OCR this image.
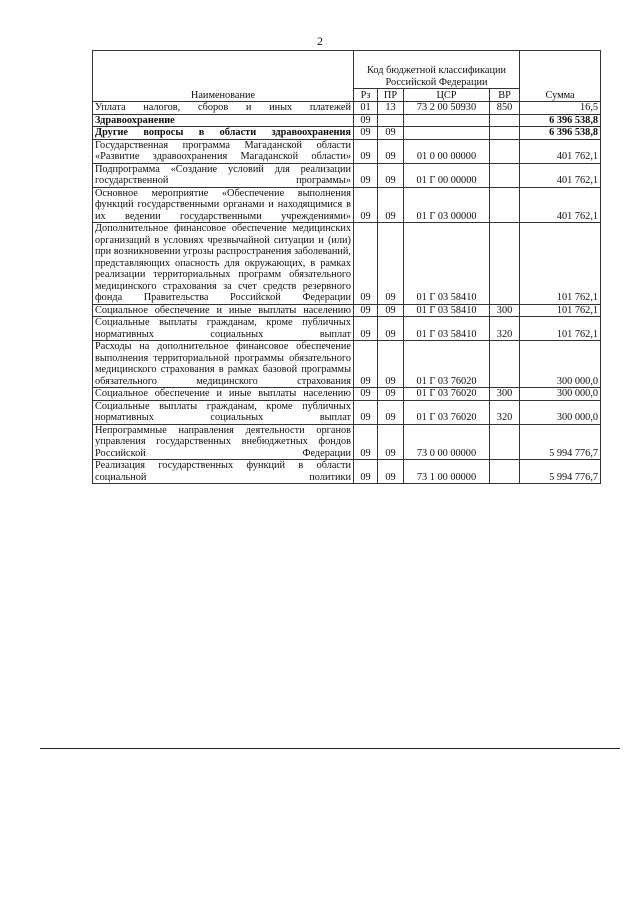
2
Наименование	Код бюджетной классификации Российской Федерации				Сумма
	Рз	ПР	ЦСР	ВР	
Уплата налогов, сборов и иных платежей	01	13	73 2 00 50930	850	16,5
Здравоохранение	09				6 396 538,8
Другие вопросы в области здравоохранения	09	09			6 396 538,8
Государственная программа Магаданской области «Развитие здравоохранения Магаданской области»	09	09	01 0 00 00000		401 762,1
Подпрограмма «Создание условий для реализации государственной программы»	09	09	01 Г 00 00000		401 762,1
Основное мероприятие «Обеспечение выполнения функций государственными органами и находящимися в их ведении государственными учреждениями»	09	09	01 Г 03 00000		401 762,1
Дополнительное финансовое обеспечение медицинских организаций в условиях чрезвычайной ситуации и (или) при возникновении угрозы распространения заболеваний, представляющих опасность для окружающих, в рамках реализации территориальных программ обязательного медицинского страхования за счет средств резервного фонда Правительства Российской Федерации	09	09	01 Г 03 58410		101 762,1
Социальное обеспечение и иные выплаты населению	09	09	01 Г 03 58410	300	101 762,1
Социальные выплаты гражданам, кроме публичных нормативных социальных выплат	09	09	01 Г 03 58410	320	101 762,1
Расходы на дополнительное финансовое обеспечение выполнения территориальной программы обязательного медицинского страхования в рамках базовой программы обязательного медицинского страхования	09	09	01 Г 03 76020		300 000,0
Социальное обеспечение и иные выплаты населению	09	09	01 Г 03 76020	300	300 000,0
Социальные выплаты гражданам, кроме публичных нормативных социальных выплат	09	09	01 Г 03 76020	320	300 000,0
Непрограммные направления деятельности органов управления государственных внебюджетных фондов Российской Федерации	09	09	73 0 00 00000		5 994 776,7
Реализация государственных функций в области социальной политики	09	09	73 1 00 00000		5 994 776,7
